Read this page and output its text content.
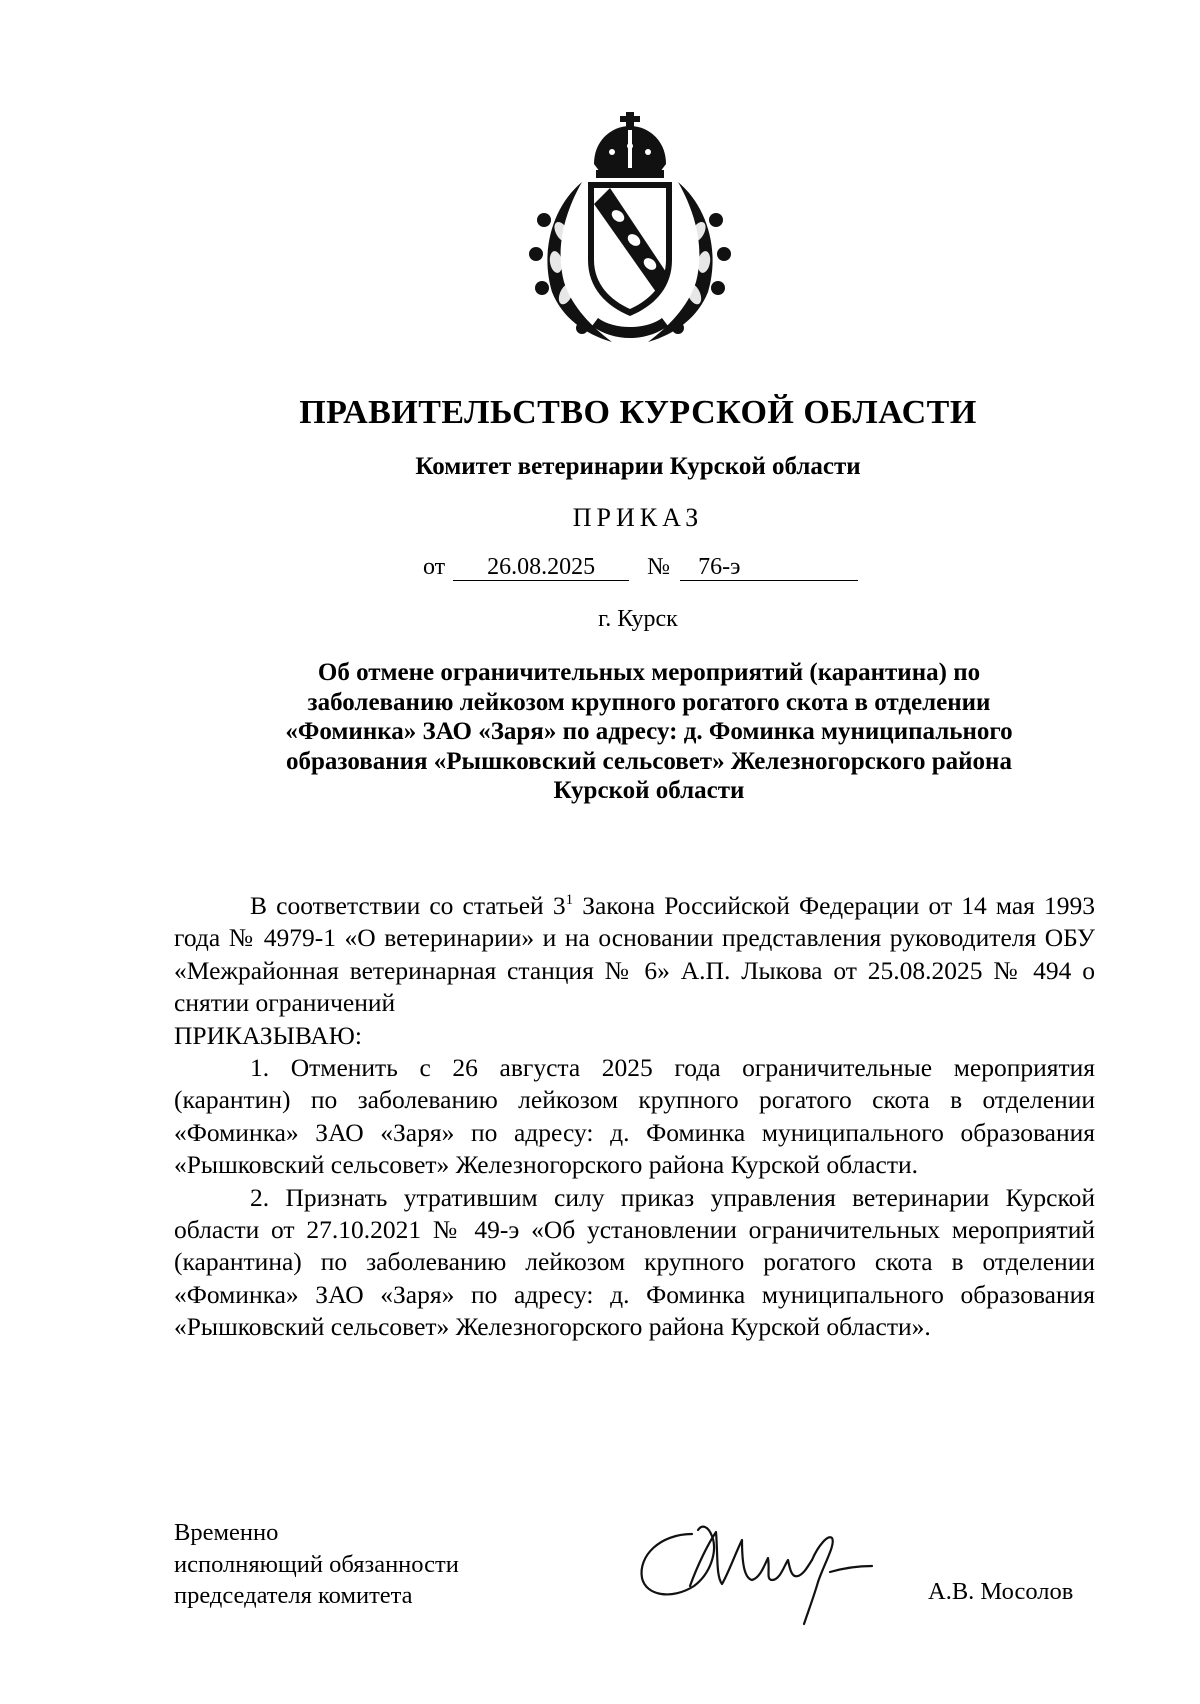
ПРАВИТЕЛЬСТВО КУРСКОЙ ОБЛАСТИ
Комитет ветеринарии Курской области
ПРИКАЗ
от 26.08.2025 № 76-э
г. Курск
Об отмене ограничительных мероприятий (карантина) по
заболеванию лейкозом крупного рогатого скота в отделении
«Фоминка» ЗАО «Заря» по адресу: д. Фоминка муниципального
образования «Рышковский сельсовет» Железногорского района
Курской области

В соответствии со статьей $3^1$ Закона Российской Федерации от 14 мая 1993 года № 4979-1 «О ветеринарии» и на основании представления руководителя ОБУ «Межрайонная ветеринарная станция № 6» А.П. Лыкова от 25.08.2025 № 494 о снятии ограничений

ПРИКАЗЫВАЮ:

1. Отменить с 26 августа 2025 года ограничительные мероприятия (карантин) по заболеванию лейкозом крупного рогатого скота в отделении «Фоминка» ЗАО «Заря» по адресу: д. Фоминка муниципального образования «Рышковский сельсовет» Железногорского района Курской области.

2. Признать утратившим силу приказ управления ветеринарии Курской области от 27.10.2021 № 49-э «Об установлении ограничительных мероприятий (карантина) по заболеванию лейкозом крупного рогатого скота в отделении «Фоминка» ЗАО «Заря» по адресу: д. Фоминка муниципального образования «Рышковский сельсовет» Железногорского района Курской области».

Временно
исполняющий обязанности
председателя комитета	А.В. Мосолов
